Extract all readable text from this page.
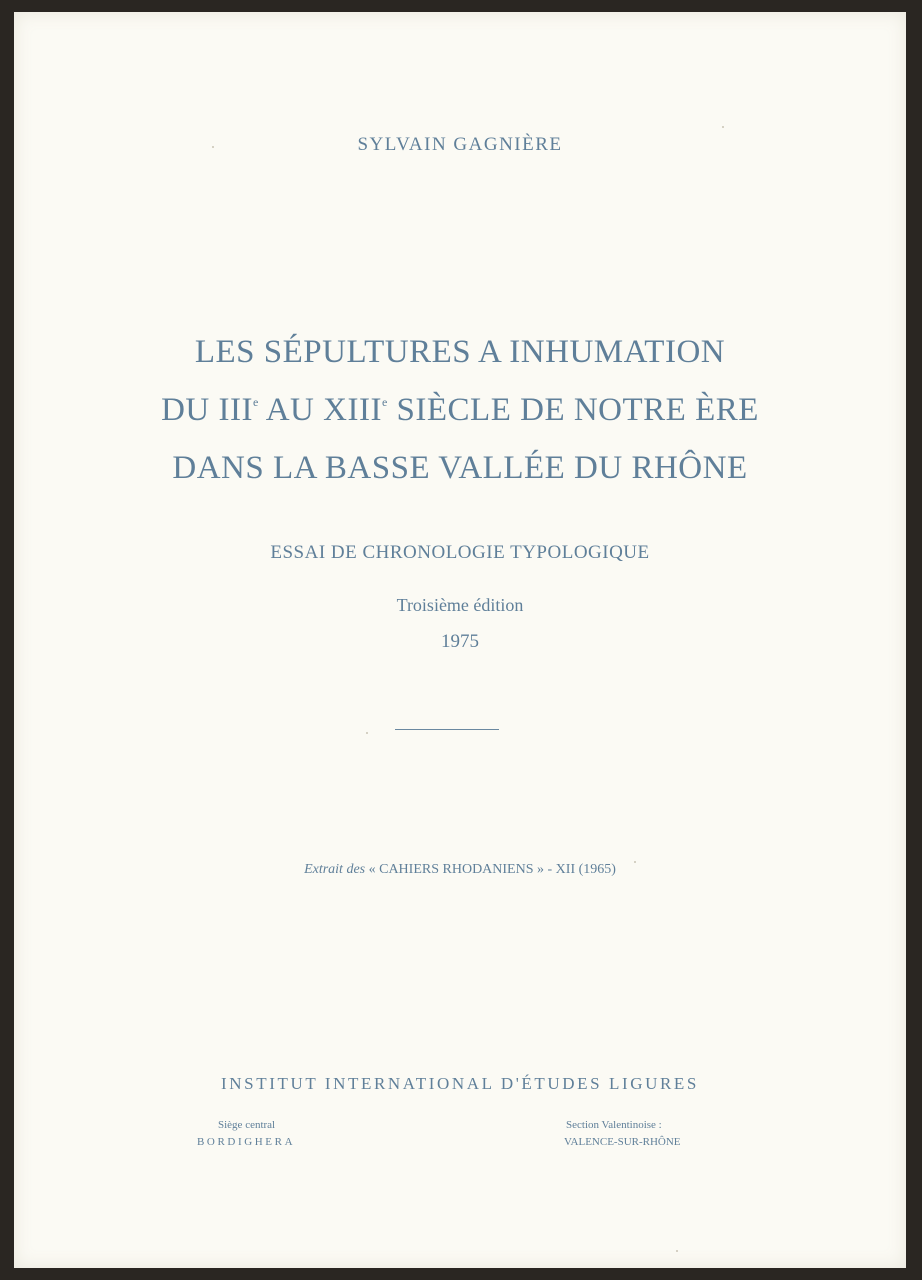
SYLVAIN GAGNIÈRE
LES SÉPULTURES A INHUMATION
DU IIIe AU XIIIe SIÈCLE DE NOTRE ÈRE
DANS LA BASSE VALLÉE DU RHÔNE
ESSAI DE CHRONOLOGIE TYPOLOGIQUE
Troisième édition
1975
Extrait des « CAHIERS RHODANIENS » - XII (1965)
INSTITUT INTERNATIONAL D'ÉTUDES LIGURES
Siège central
BORDIGHERA
Section Valentinoise :
VALENCE-SUR-RHÔNE
